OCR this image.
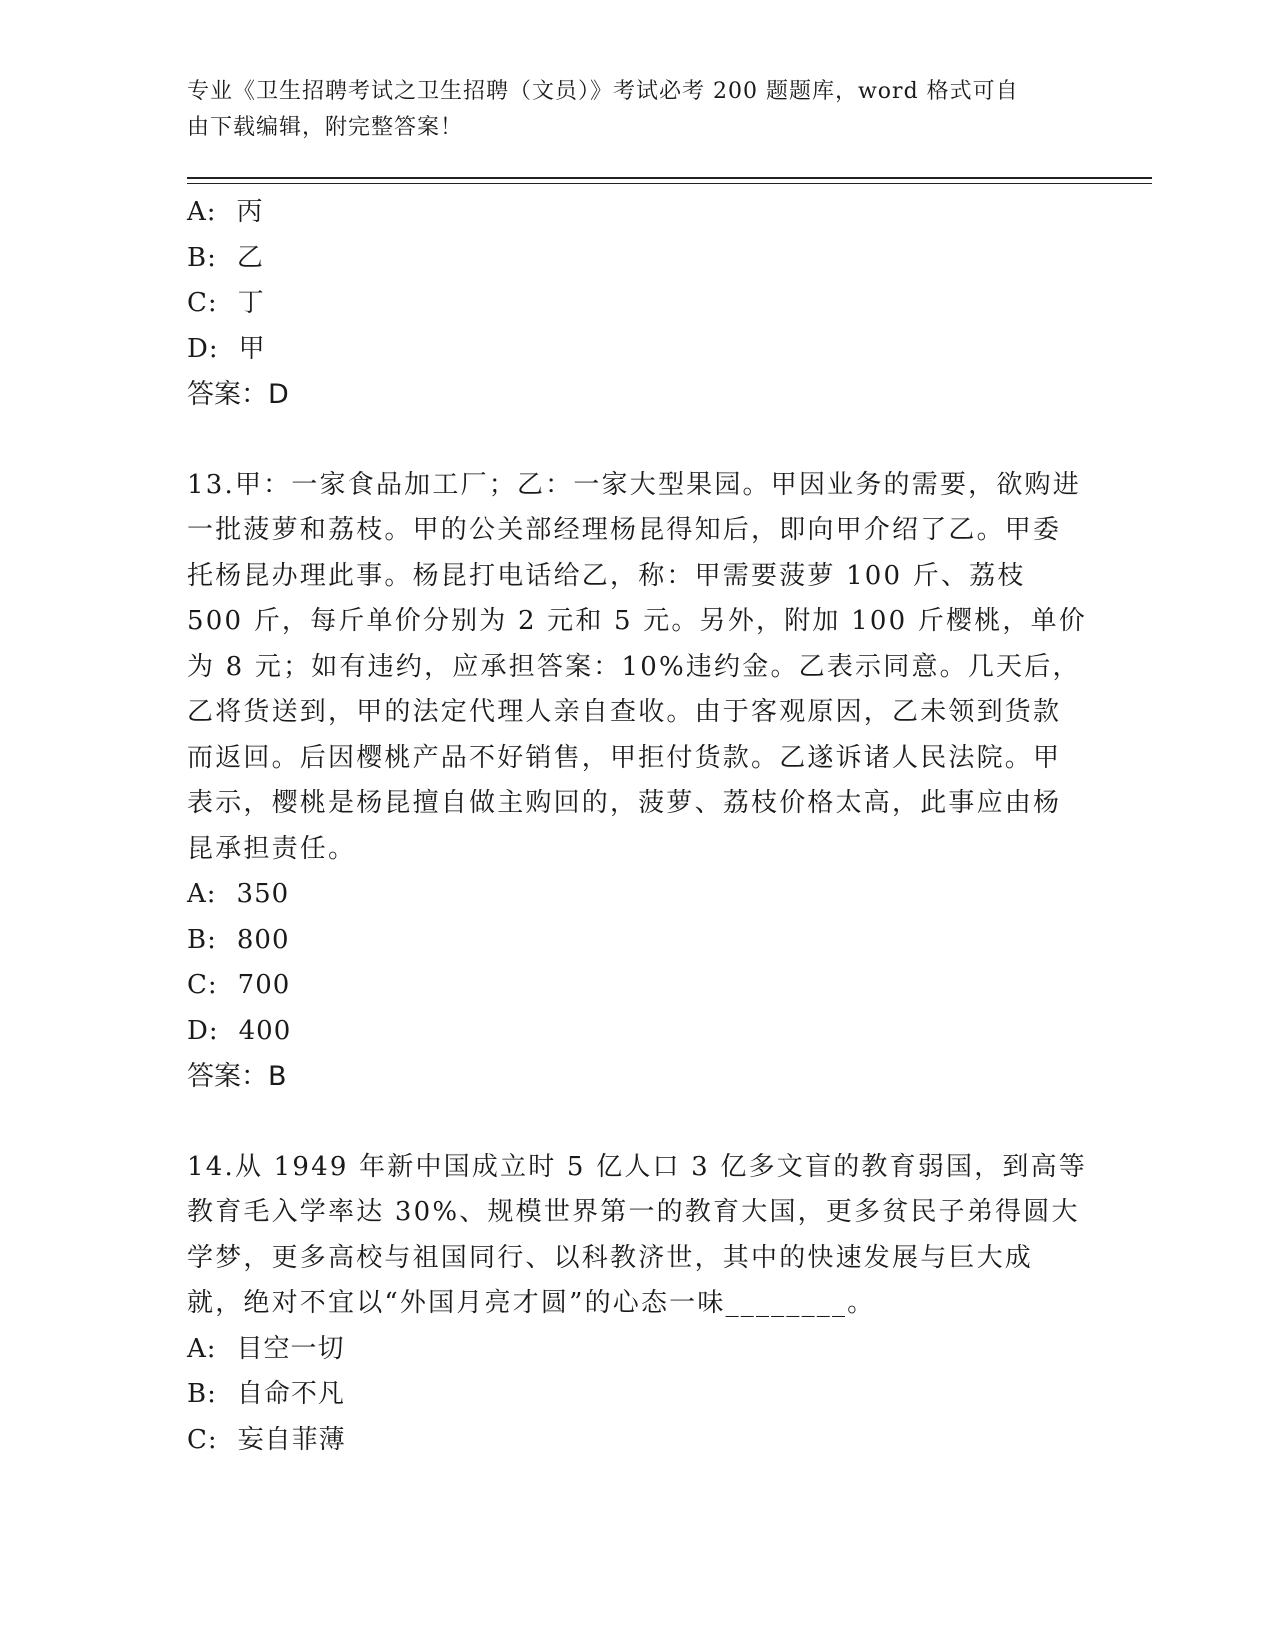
专业《卫生招聘考试之卫生招聘（文员）》考试必考 200 题题库，word 格式可自
由下载编辑，附完整答案！
A: 丙
B: 乙
C: 丁
D: 甲
答案：D
13.甲：一家食品加工厂；乙：一家大型果园。甲因业务的需要，欲购进一批菠萝和荔枝。甲的公关部经理杨昆得知后，即向甲介绍了乙。甲委托杨昆办理此事。杨昆打电话给乙，称：甲需要菠萝 100 斤、荔枝 500 斤，每斤单价分别为 2 元和 5 元。另外，附加 100 斤樱桃，单价为 8 元；如有违约，应承担答案：10%违约金。乙表示同意。几天后，乙将货送到，甲的法定代理人亲自查收。由于客观原因，乙未领到货款而返回。后因樱桃产品不好销售，甲拒付货款。乙遂诉诸人民法院。甲表示，樱桃是杨昆擅自做主购回的，菠萝、荔枝价格太高，此事应由杨昆承担责任。
A: 350
B: 800
C: 700
D: 400
答案：B
14.从 1949 年新中国成立时 5 亿人口 3 亿多文盲的教育弱国，到高等教育毛入学率达 30%、规模世界第一的教育大国，更多贫民子弟得圆大学梦，更多高校与祖国同行、以科教济世，其中的快速发展与巨大成就，绝对不宜以“外国月亮才圆”的心态一味________。
A: 目空一切
B: 自命不凡
C: 妄自菲薄
